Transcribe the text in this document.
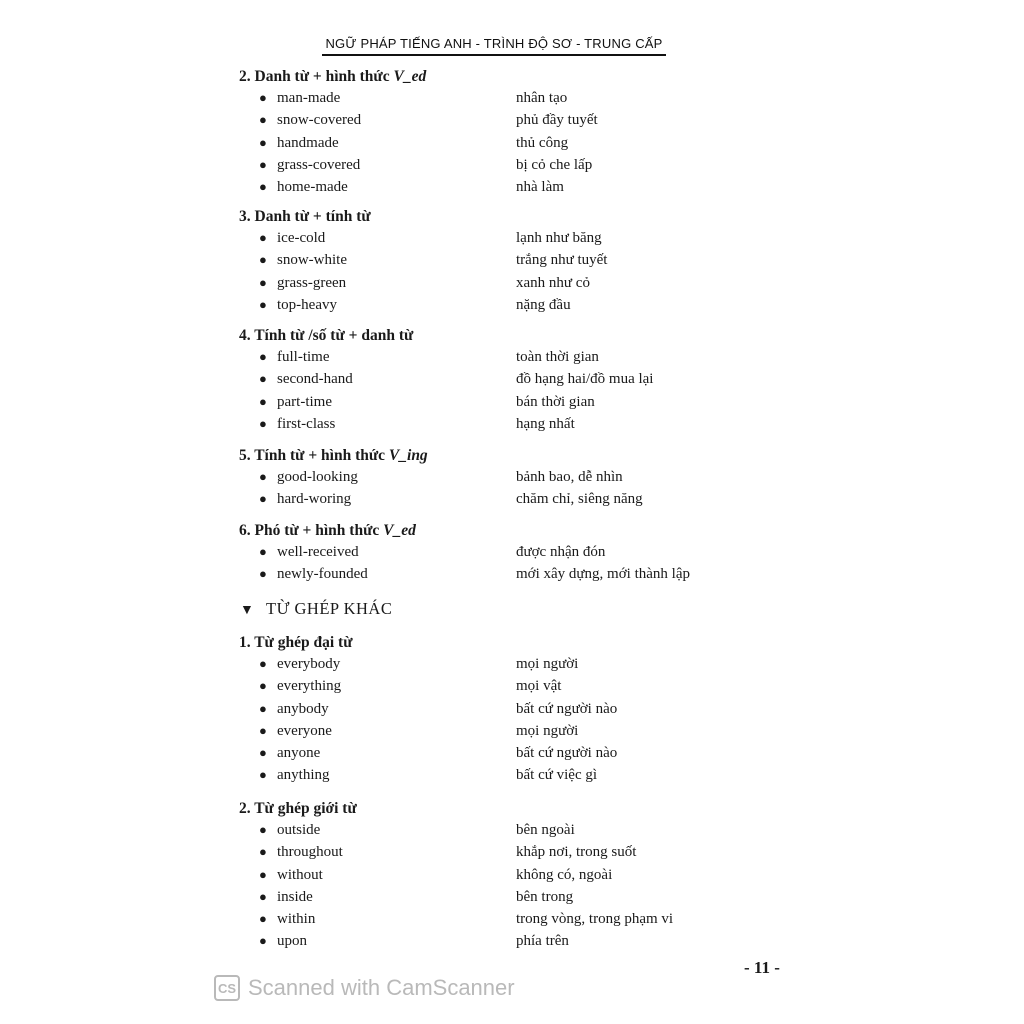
NGỮ PHÁP TIẾNG ANH - TRÌNH ĐỘ SƠ - TRUNG CẤP
2. Danh từ + hình thức V_ed
● man-made	nhân tạo
● snow-covered	phủ đầy tuyết
● handmade	thủ công
● grass-covered	bị cỏ che lấp
● home-made	nhà làm
3. Danh từ + tính từ
● ice-cold	lạnh như băng
● snow-white	trắng như tuyết
● grass-green	xanh như cỏ
● top-heavy	nặng đầu
4. Tính từ /số từ + danh từ
● full-time	toàn thời gian
● second-hand	đồ hạng hai/đồ mua lại
● part-time	bán thời gian
● first-class	hạng nhất
5. Tính từ + hình thức V_ing
● good-looking	bảnh bao, dễ nhìn
● hard-woring	chăm chỉ, siêng năng
6. Phó từ + hình thức V_ed
● well-received	được nhận đón
● newly-founded	mới xây dựng, mới thành lập
▼ TỪ GHÉP KHÁC
1. Từ ghép đại từ
● everybody	mọi người
● everything	mọi vật
● anybody	bất cứ người nào
● everyone	mọi người
● anyone	bất cứ người nào
● anything	bất cứ việc gì
2. Từ ghép giới từ
● outside	bên ngoài
● throughout	khắp nơi, trong suốt
● without	không có, ngoài
● inside	bên trong
● within	trong vòng, trong phạm vi
● upon	phía trên
- 11 -
CS Scanned with CamScanner
